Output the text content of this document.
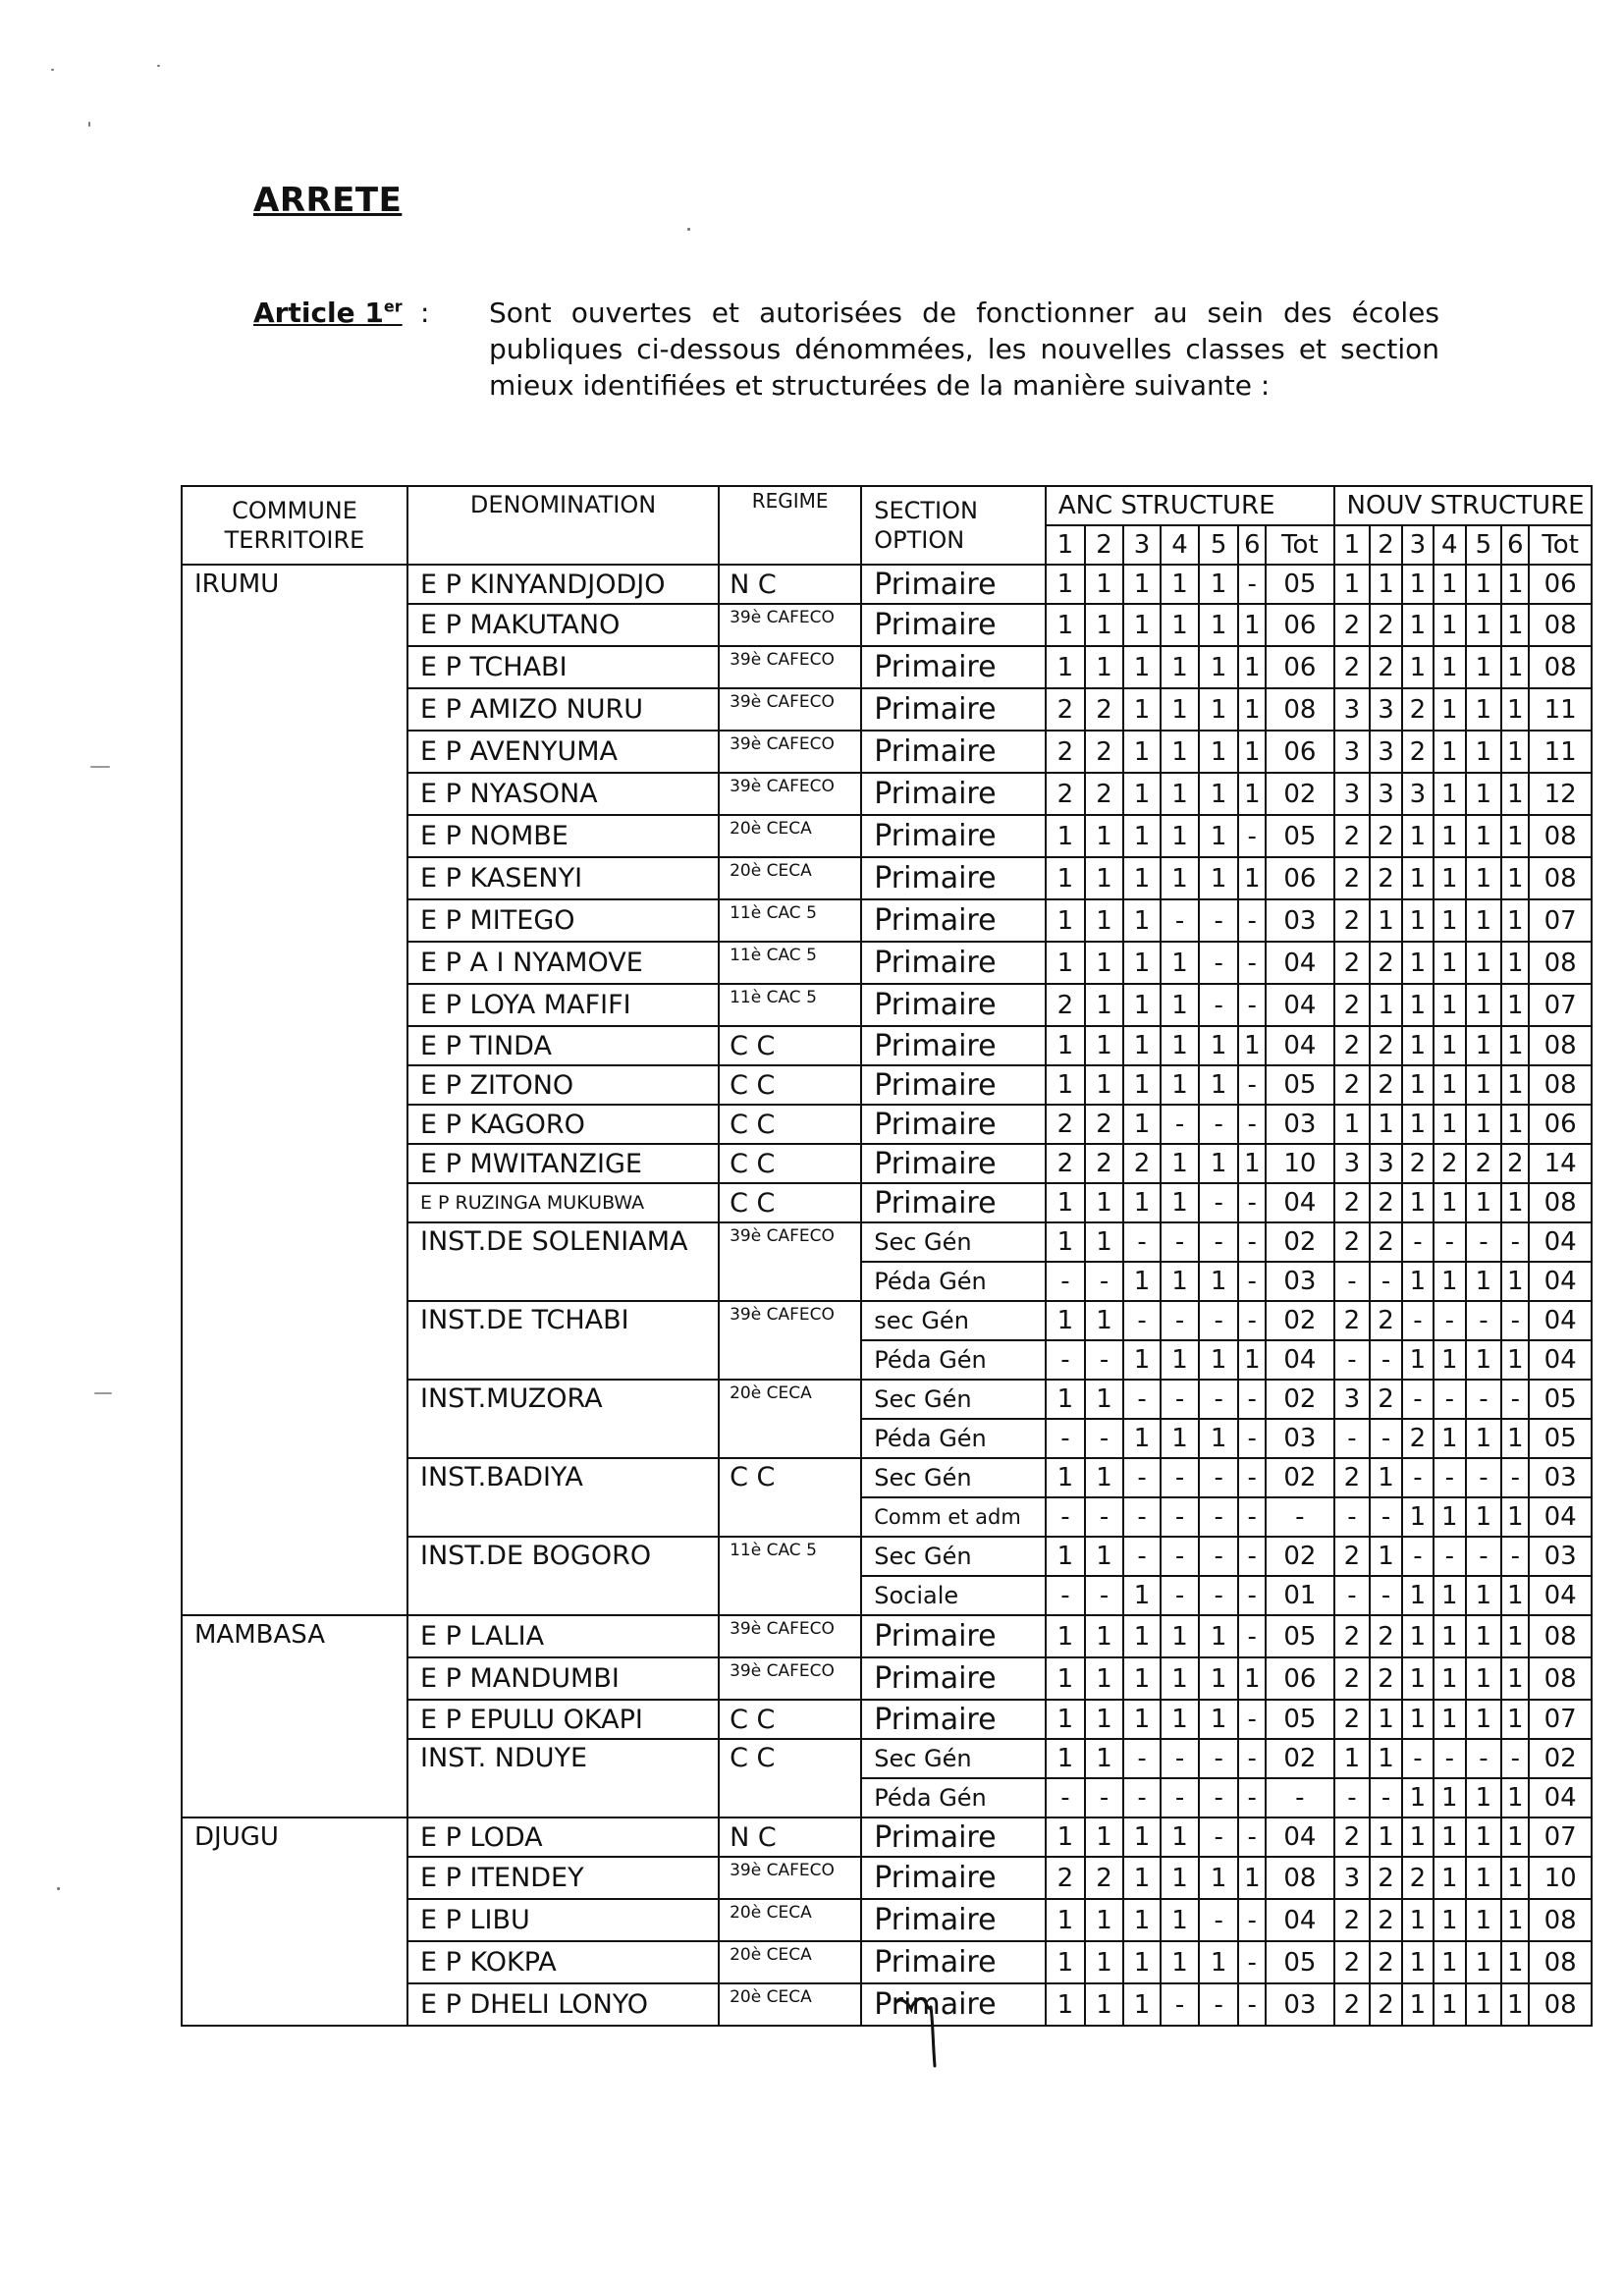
ARRETE
Article 1er : Sont ouvertes et autorisées de fonctionner au sein des écoles publiques ci-dessous dénommées, les nouvelles classes et section mieux identifiées et structurées de la manière suivante :
COMMUNE
TERRITOIRE	DENOMINATION	REGIME	SECTION
OPTION	ANC STRUCTURE							NOUV STRUCTURE						
				1	2	3	4	5	6	Tot	1	2	3	4	5	6	Tot
IRUMU	E P KINYANDJODJO	N C	Primaire	1	1	1	1	1	-	05	1	1	1	1	1	1	06
	E P MAKUTANO	39è CAFECO	Primaire	1	1	1	1	1	1	06	2	2	1	1	1	1	08
	E P TCHABI	39è CAFECO	Primaire	1	1	1	1	1	1	06	2	2	1	1	1	1	08
	E P AMIZO NURU	39è CAFECO	Primaire	2	2	1	1	1	1	08	3	3	2	1	1	1	11
	E P AVENYUMA	39è CAFECO	Primaire	2	2	1	1	1	1	06	3	3	2	1	1	1	11
	E P NYASONA	39è CAFECO	Primaire	2	2	1	1	1	1	02	3	3	3	1	1	1	12
	E P NOMBE	20è CECA	Primaire	1	1	1	1	1	-	05	2	2	1	1	1	1	08
	E P KASENYI	20è CECA	Primaire	1	1	1	1	1	1	06	2	2	1	1	1	1	08
	E P MITEGO	11è CAC 5	Primaire	1	1	1	-	-	-	03	2	1	1	1	1	1	07
	E P A I NYAMOVE	11è CAC 5	Primaire	1	1	1	1	-	-	04	2	2	1	1	1	1	08
	E P LOYA MAFIFI	11è CAC 5	Primaire	2	1	1	1	-	-	04	2	1	1	1	1	1	07
	E P TINDA	C C	Primaire	1	1	1	1	1	1	04	2	2	1	1	1	1	08
	E P ZITONO	C C	Primaire	1	1	1	1	1	-	05	2	2	1	1	1	1	08
	E P KAGORO	C C	Primaire	2	2	1	-	-	-	03	1	1	1	1	1	1	06
	E P MWITANZIGE	C C	Primaire	2	2	2	1	1	1	10	3	3	2	2	2	2	14
	E P RUZINGA MUKUBWA	C C	Primaire	1	1	1	1	-	-	04	2	2	1	1	1	1	08
	INST.DE SOLENIAMA	39è CAFECO	Sec Gén	1	1	-	-	-	-	02	2	2	-	-	-	-	04
			Péda Gén	-	-	1	1	1	-	03	-	-	1	1	1	1	04
	INST.DE TCHABI	39è CAFECO	sec Gén	1	1	-	-	-	-	02	2	2	-	-	-	-	04
			Péda Gén	-	-	1	1	1	1	04	-	-	1	1	1	1	04
	INST.MUZORA	20è CECA	Sec Gén	1	1	-	-	-	-	02	3	2	-	-	-	-	05
			Péda Gén	-	-	1	1	1	-	03	-	-	2	1	1	1	05
	INST.BADIYA	C C	Sec Gén	1	1	-	-	-	-	02	2	1	-	-	-	-	03
			Comm et adm	-	-	-	-	-	-	-	-	-	1	1	1	1	04
	INST.DE BOGORO	11è CAC 5	Sec Gén	1	1	-	-	-	-	02	2	1	-	-	-	-	03
			Sociale	-	-	1	-	-	-	01	-	-	1	1	1	1	04
MAMBASA	E P LALIA	39è CAFECO	Primaire	1	1	1	1	1	-	05	2	2	1	1	1	1	08
	E P MANDUMBI	39è CAFECO	Primaire	1	1	1	1	1	1	06	2	2	1	1	1	1	08
	E P EPULU OKAPI	C C	Primaire	1	1	1	1	1	-	05	2	1	1	1	1	1	07
	INST. NDUYE	C C	Sec Gén	1	1	-	-	-	-	02	1	1	-	-	-	-	02
			Péda Gén	-	-	-	-	-	-	-	-	-	1	1	1	1	04
DJUGU	E P LODA	N C	Primaire	1	1	1	1	-	-	04	2	1	1	1	1	1	07
	E P ITENDEY	39è CAFECO	Primaire	2	2	1	1	1	1	08	3	2	2	1	1	1	10
	E P LIBU	20è CECA	Primaire	1	1	1	1	-	-	04	2	2	1	1	1	1	08
	E P KOKPA	20è CECA	Primaire	1	1	1	1	1	-	05	2	2	1	1	1	1	08
	E P DHELI LONYO	20è CECA	Primaire	1	1	1	-	-	-	03	2	2	1	1	1	1	08
